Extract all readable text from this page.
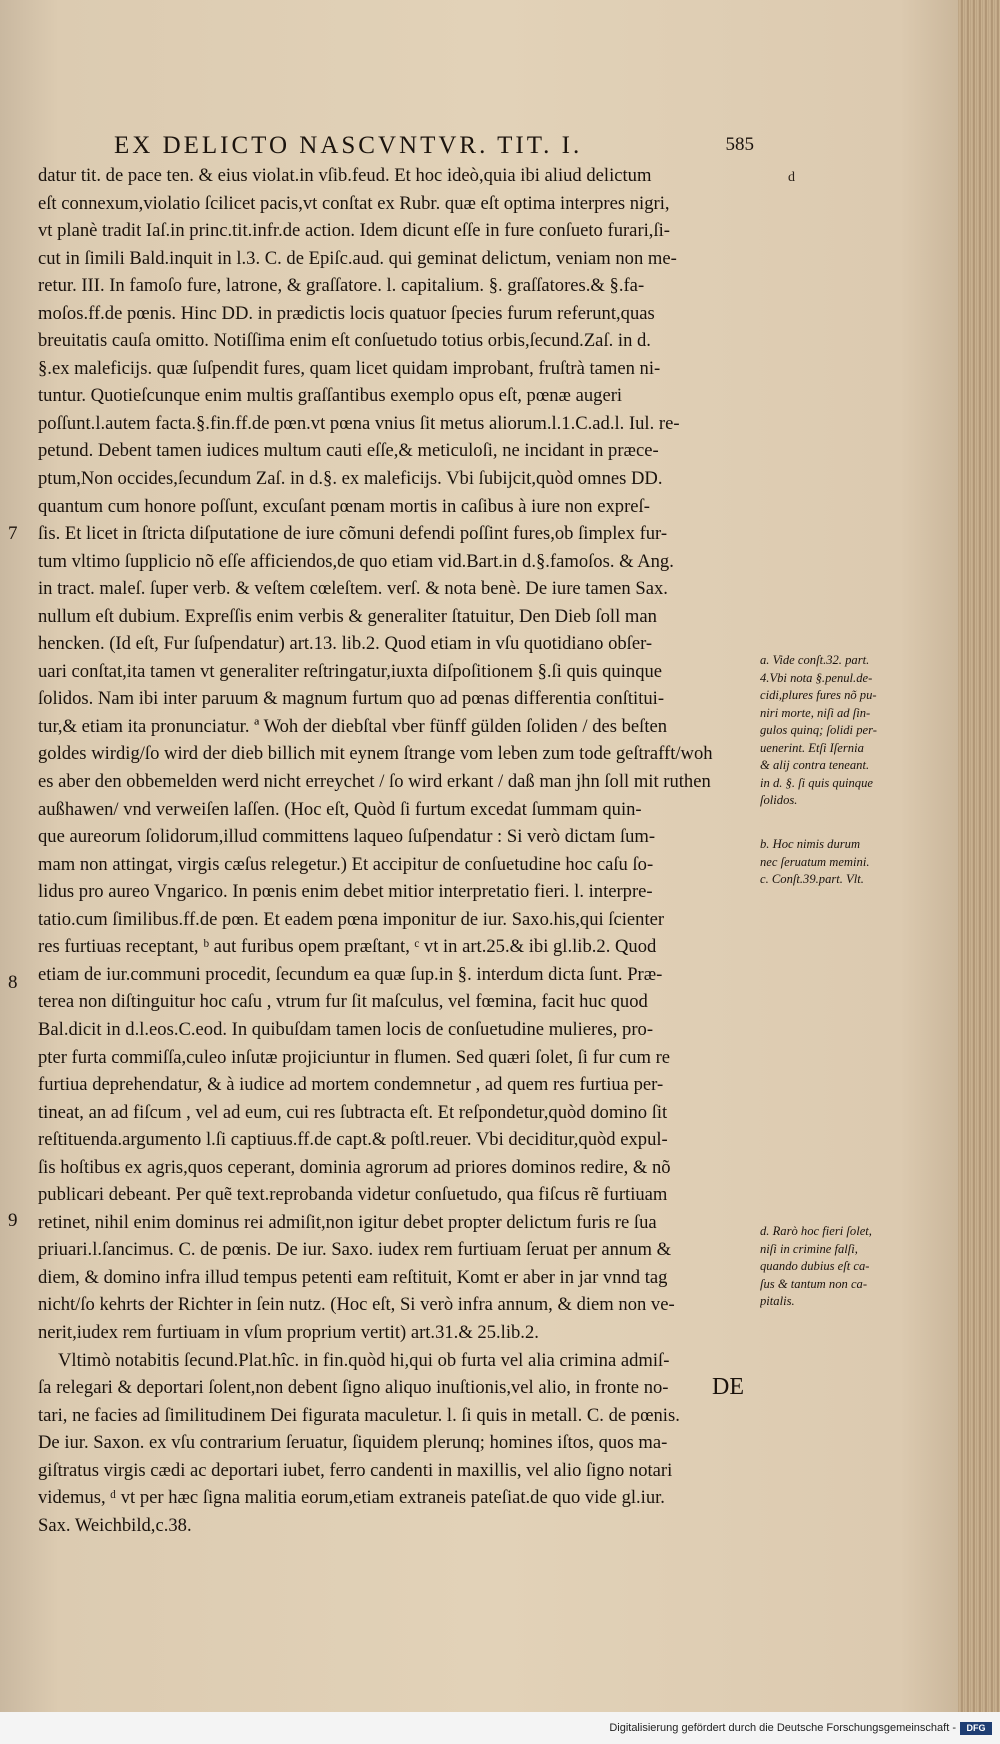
EX DELICTO NASCVNTVR. TIT. I.	585
d
datur tit. de pace ten. & eius violat.in vſib.feud. Et hoc ideò,quia ibi aliud delictum
eſt connexum,violatio ſcilicet pacis,vt conſtat ex Rubr. quæ eſt optima interpres nigri,
vt planè tradit Iaſ.in princ.tit.infr.de action. Idem dicunt eſſe in fure conſueto furari,ſi-
cut in ſimili Bald.inquit in l.3. C. de Epiſc.aud. qui geminat delictum, veniam non me-
retur. III. In famoſo fure, latrone, & graſſatore. l. capitalium. §. graſſatores.& §.fa-
moſos.ff.de pœnis. Hinc DD. in prædictis locis quatuor ſpecies furum referunt,quas
breuitatis cauſa omitto. Notiſſima enim eſt conſuetudo totius orbis,ſecund.Zaſ. in d.
§.ex maleficijs. quæ ſuſpendit fures, quam licet quidam improbant, fruſtrà tamen ni-
tuntur. Quotieſcunque enim multis graſſantibus exemplo opus eſt, pœnæ augeri
poſſunt.l.autem facta.§.fin.ff.de pœn.vt pœna vnius ſit metus aliorum.l.1.C.ad.l. Iul. re-
petund. Debent tamen iudices multum cauti eſſe,& meticuloſi, ne incidant in præce-
ptum,Non occides,ſecundum Zaſ. in d.§. ex maleficijs. Vbi ſubijcit,quòd omnes DD.
quantum cum honore poſſunt, excuſant pœnam mortis in caſibus à iure non expreſ-
ſis. Et licet in ſtricta diſputatione de iure cõmuni defendi poſſint fures,ob ſimplex fur-
tum vltimo ſupplicio nõ eſſe afficiendos,de quo etiam vid.Bart.in d.§.famoſos. & Ang.
in tract. maleſ. ſuper verb. & veſtem cœleſtem. verſ. & nota benè. De iure tamen Sax.
nullum eſt dubium. Expreſſis enim verbis & generaliter ſtatuitur, Den Dieb ſoll man
hencken. (Id eſt, Fur ſuſpendatur) art.13. lib.2. Quod etiam in vſu quotidiano obſer-
uari conſtat,ita tamen vt generaliter reſtringatur,iuxta diſpoſitionem §.ſi quis quinque
ſolidos. Nam ibi inter paruum & magnum furtum quo ad pœnas differentia conſtitui-
tur,& etiam ita pronunciatur. ª Woh der diebſtal vber fünff gülden ſoliden / des beſten
goldes wirdig/ſo wird der dieb billich mit eynem ſtrange vom leben zum tode geſtrafft/woh
es aber den obbemelden werd nicht erreychet / ſo wird erkant / daß man jhn ſoll mit ruthen
außhawen/ vnd verweiſen laſſen. (Hoc eſt, Quòd ſi furtum excedat ſummam quin-
que aureorum ſolidorum,illud committens laqueo ſuſpendatur : Si verò dictam ſum-
mam non attingat, virgis cæſus relegetur.) Et accipitur de conſuetudine hoc caſu ſo-
lidus pro aureo Vngarico. In pœnis enim debet mitior interpretatio fieri. l. interpre-
tatio.cum ſimilibus.ff.de pœn. Et eadem pœna imponitur de iur. Saxo.his,qui ſcienter
res furtiuas receptant, ᵇ aut furibus opem præſtant, ᶜ vt in art.25.& ibi gl.lib.2. Quod
etiam de iur.communi procedit, ſecundum ea quæ ſup.in §. interdum dicta ſunt. Præ-
terea non diſtinguitur hoc caſu , vtrum fur ſit maſculus, vel fœmina, facit huc quod
Bal.dicit in d.l.eos.C.eod. In quibuſdam tamen locis de conſuetudine mulieres, pro-
pter furta commiſſa,culeo inſutæ projiciuntur in flumen. Sed quæri ſolet, ſi fur cum re
furtiua deprehendatur, & à iudice ad mortem condemnetur , ad quem res furtiua per-
tineat, an ad fiſcum , vel ad eum, cui res ſubtracta eſt. Et reſpondetur,quòd domino ſit
reſtituenda.argumento l.ſi captiuus.ff.de capt.& poſtl.reuer. Vbi deciditur,quòd expul-
ſis hoſtibus ex agris,quos ceperant, dominia agrorum ad priores dominos redire, & nõ
publicari debeant. Per quẽ text.reprobanda videtur conſuetudo, qua fiſcus rẽ furtiuam
retinet, nihil enim dominus rei admiſit,non igitur debet propter delictum furis re ſua
priuari.l.ſancimus. C. de pœnis. De iur. Saxo. iudex rem furtiuam ſeruat per annum &
diem, & domino infra illud tempus petenti eam reſtituit, Komt er aber in jar vnnd tag
nicht/ſo kehrts der Richter in ſein nutz. (Hoc eſt, Si verò infra annum, & diem non ve-
nerit,iudex rem furtiuam in vſum proprium vertit) art.31.& 25.lib.2.
Vltimò notabitis ſecund.Plat.hîc. in fin.quòd hi,qui ob furta vel alia crimina admiſ-
ſa relegari & deportari ſolent,non debent ſigno aliquo inuſtionis,vel alio, in fronte no-
tari, ne facies ad ſimilitudinem Dei figurata maculetur. l. ſi quis in metall. C. de pœnis.
De iur. Saxon. ex vſu contrarium ſeruatur, ſiquidem plerunq; homines iſtos, quos ma-
giſtratus virgis cædi ac deportari iubet, ferro candenti in maxillis, vel alio ſigno notari
videmus, ᵈ vt per hæc ſigna malitia eorum,etiam extraneis pateſiat.de quo vide gl.iur.
Sax. Weichbild,c.38.
7
8
9
a. Vide conſt.32. part.
4.Vbi nota §.penul.de-
cidi,plures fures nõ pu-
niri morte, niſi ad ſin-
gulos quinq; ſolidi per-
uenerint. Etſi Iſernia
& alij contra teneant.
in d. §. ſi quis quinque
ſolidos.
b. Hoc nimis durum
nec ſeruatum memini.
c. Conſt.39.part. Vlt.
d. Rarò hoc fieri ſolet,
niſi in crimine falſi,
quando dubius eſt ca-
ſus & tantum non ca-
pitalis.
DE
Digitalisierung gefördert durch die Deutsche Forschungsgemeinschaft -	DFG
